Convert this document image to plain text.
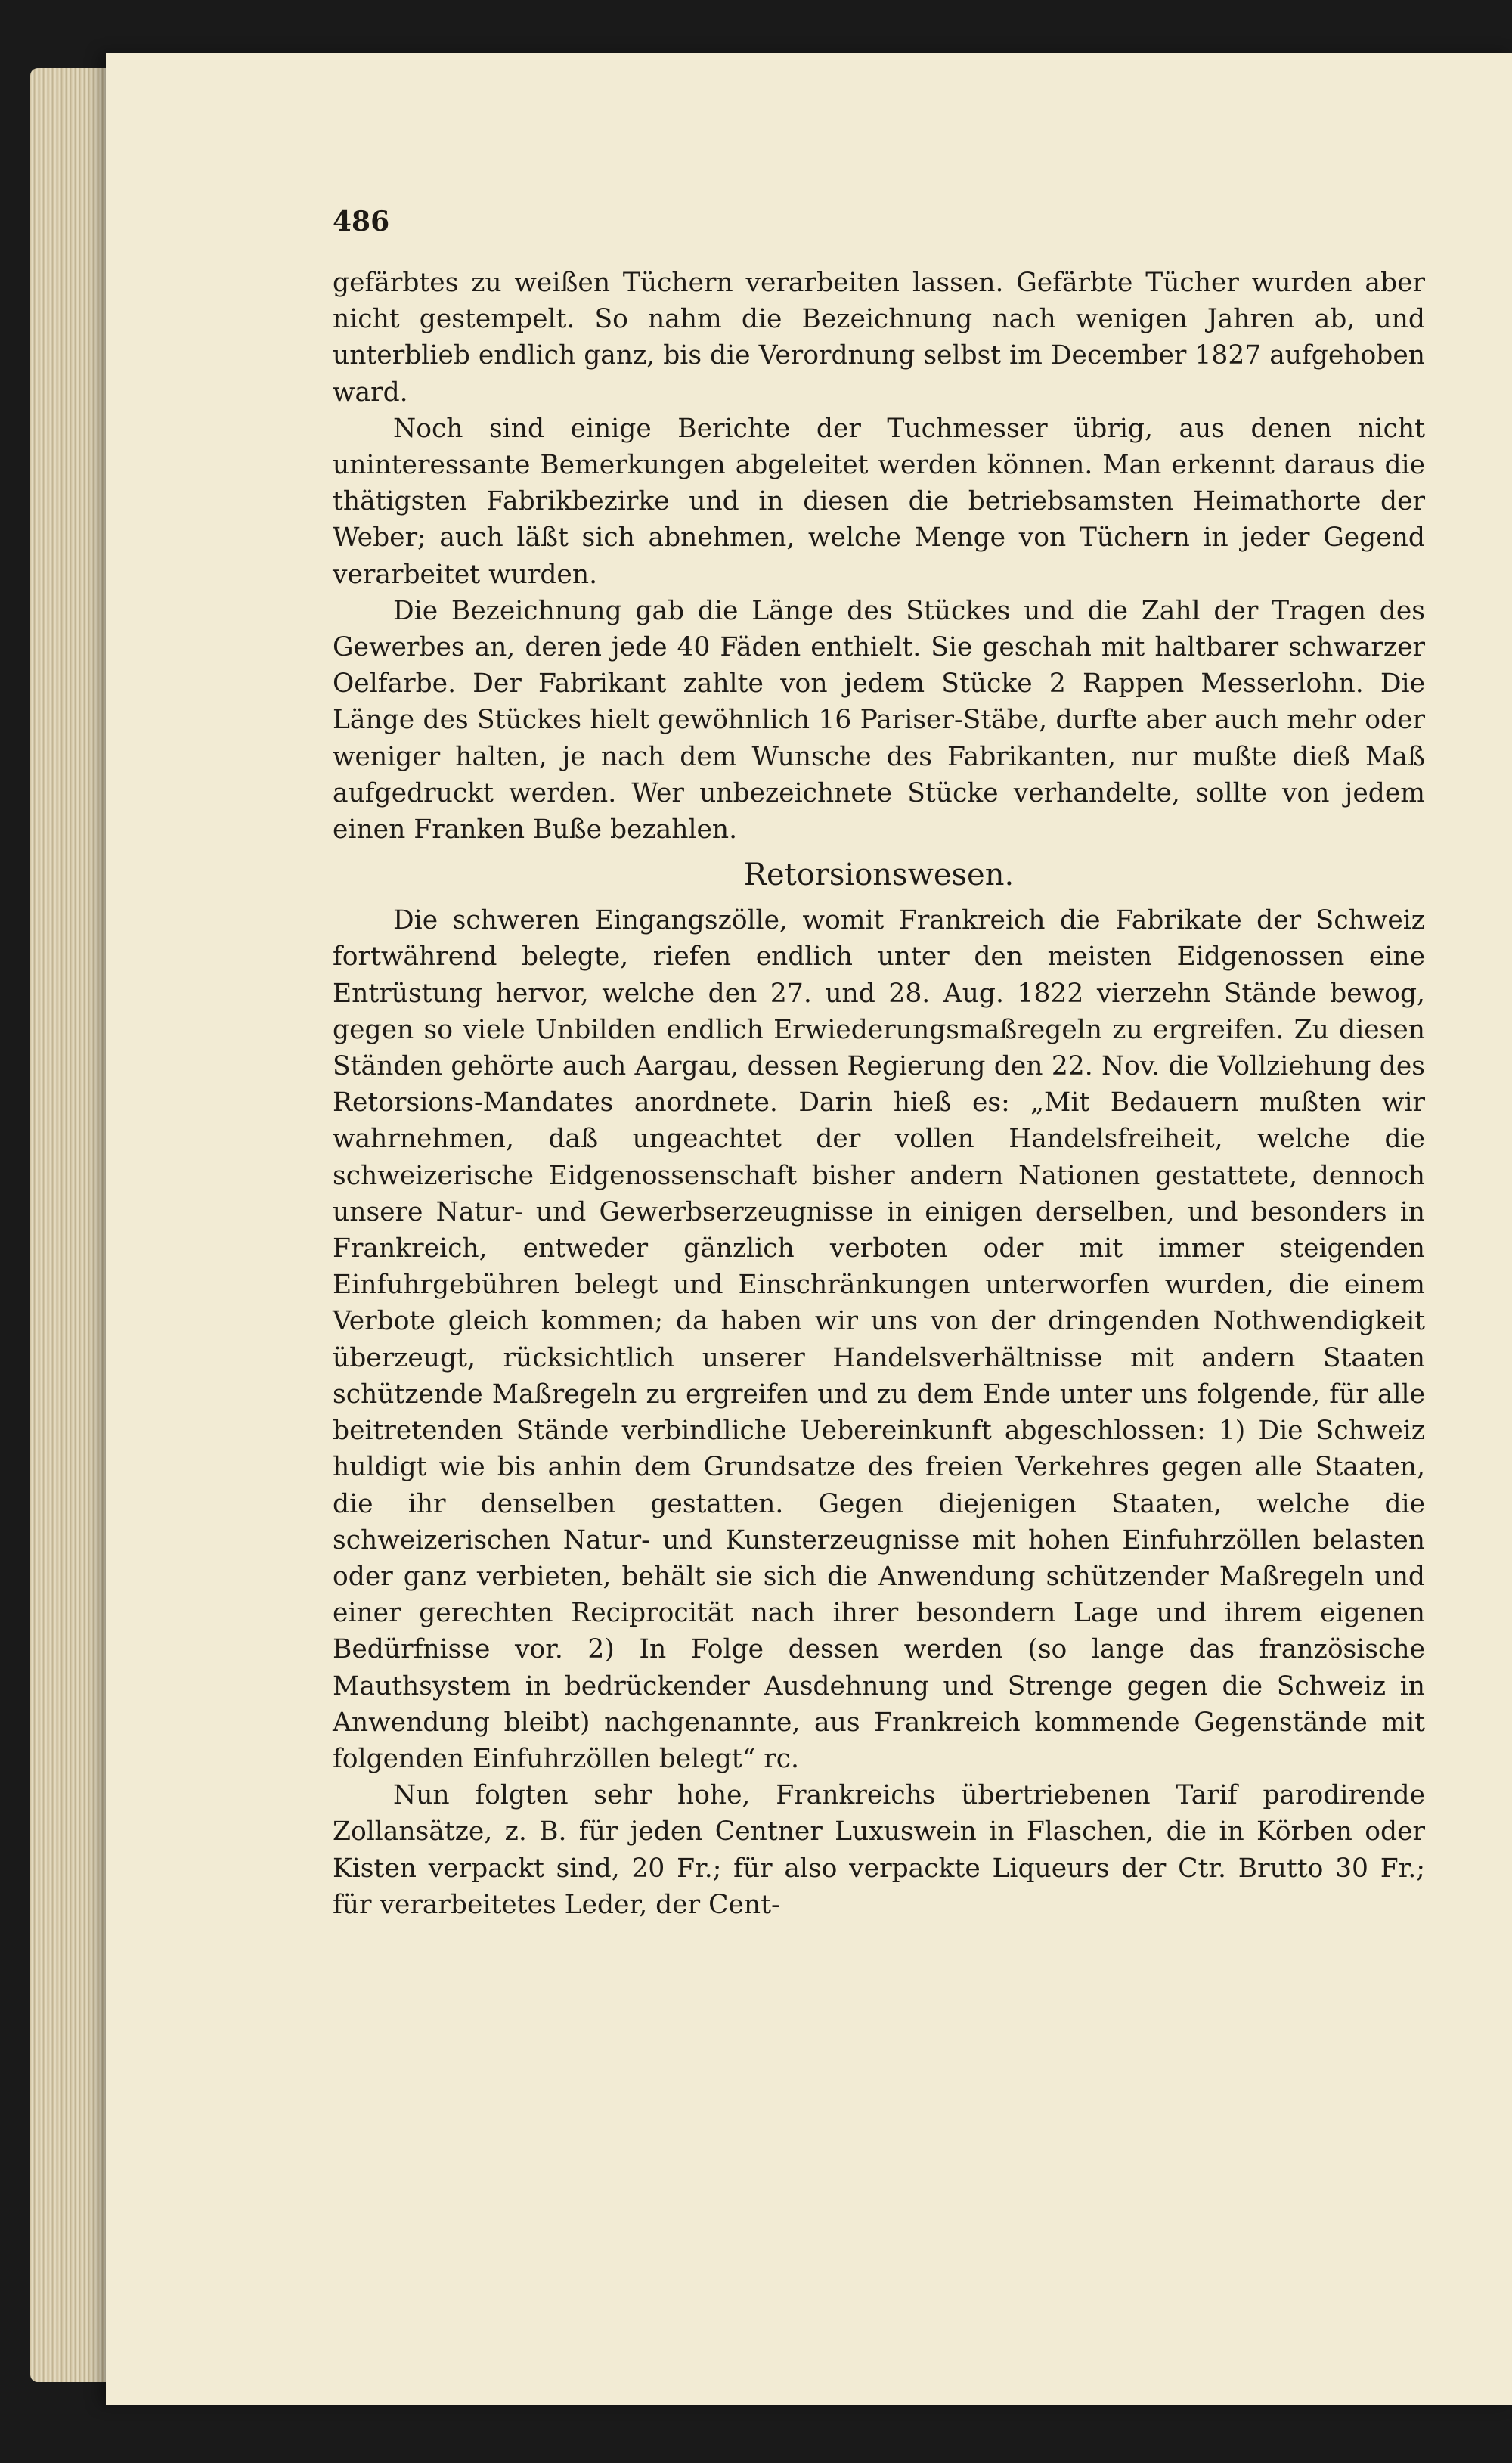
486

gefärbtes zu weißen Tüchern verarbeiten lassen. Gefärbte Tücher wurden aber nicht gestempelt. So nahm die Bezeichnung nach wenigen Jahren ab, und unterblieb endlich ganz, bis die Verordnung selbst im December 1827 aufgehoben ward.

Noch sind einige Berichte der Tuchmesser übrig, aus denen nicht uninteressante Bemerkungen abgeleitet werden können. Man erkennt daraus die thätigsten Fabrikbezirke und in diesen die betriebsamsten Heimathorte der Weber; auch läßt sich abnehmen, welche Menge von Tüchern in jeder Gegend verarbeitet wurden.

Die Bezeichnung gab die Länge des Stückes und die Zahl der Tragen des Gewerbes an, deren jede 40 Fäden enthielt. Sie geschah mit haltbarer schwarzer Oelfarbe. Der Fabrikant zahlte von jedem Stücke 2 Rappen Messerlohn. Die Länge des Stückes hielt gewöhnlich 16 Pariser-Stäbe, durfte aber auch mehr oder weniger halten, je nach dem Wunsche des Fabrikanten, nur mußte dieß Maß aufgedruckt werden. Wer unbezeichnete Stücke verhandelte, sollte von jedem einen Franken Buße bezahlen.

Retorsionswesen.

Die schweren Eingangszölle, womit Frankreich die Fabrikate der Schweiz fortwährend belegte, riefen endlich unter den meisten Eidgenossen eine Entrüstung hervor, welche den 27. und 28. Aug. 1822 vierzehn Stände bewog, gegen so viele Unbilden endlich Erwiederungsmaßregeln zu ergreifen. Zu diesen Ständen gehörte auch Aargau, dessen Regierung den 22. Nov. die Vollziehung des Retorsions-Mandates anordnete. Darin hieß es: „Mit Bedauern mußten wir wahrnehmen, daß ungeachtet der vollen Handelsfreiheit, welche die schweizerische Eidgenossenschaft bisher andern Nationen gestattete, dennoch unsere Natur- und Gewerbserzeugnisse in einigen derselben, und besonders in Frankreich, entweder gänzlich verboten oder mit immer steigenden Einfuhrgebühren belegt und Einschränkungen unterworfen wurden, die einem Verbote gleich kommen; da haben wir uns von der dringenden Nothwendigkeit überzeugt, rücksichtlich unserer Handelsverhältnisse mit andern Staaten schützende Maßregeln zu ergreifen und zu dem Ende unter uns folgende, für alle beitretenden Stände verbindliche Uebereinkunft abgeschlossen: 1) Die Schweiz huldigt wie bis anhin dem Grundsatze des freien Verkehres gegen alle Staaten, die ihr denselben gestatten. Gegen diejenigen Staaten, welche die schweizerischen Natur- und Kunsterzeugnisse mit hohen Einfuhrzöllen belasten oder ganz verbieten, behält sie sich die Anwendung schützender Maßregeln und einer gerechten Reciprocität nach ihrer besondern Lage und ihrem eigenen Bedürfnisse vor. 2) In Folge dessen werden (so lange das französische Mauthsystem in bedrückender Ausdehnung und Strenge gegen die Schweiz in Anwendung bleibt) nachgenannte, aus Frankreich kommende Gegenstände mit folgenden Einfuhrzöllen belegt“ rc.

Nun folgten sehr hohe, Frankreichs übertriebenen Tarif parodirende Zollansätze, z. B. für jeden Centner Luxuswein in Flaschen, die in Körben oder Kisten verpackt sind, 20 Fr.; für also verpackte Liqueurs der Ctr. Brutto 30 Fr.; für verarbeitetes Leder, der Cent-
